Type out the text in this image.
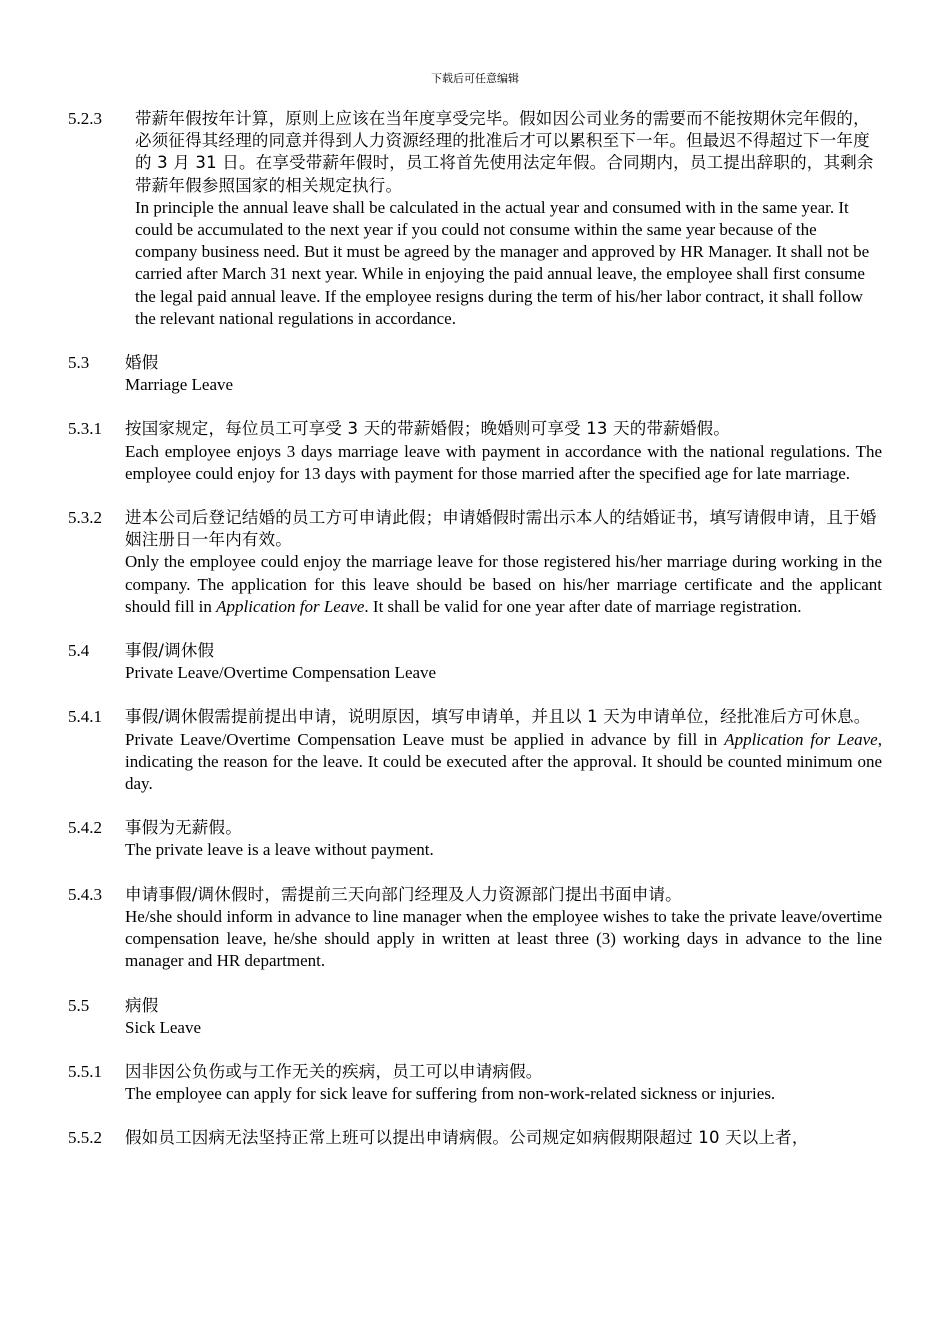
下载后可任意编辑
5.2.3 带薪年假按年计算，原则上应该在当年度享受完毕。假如因公司业务的需要而不能按期休完年假的，必须征得其经理的同意并得到人力资源经理的批准后才可以累积至下一年。但最迟不得超过下一年度的 3 月 31 日。在享受带薪年假时，员工将首先使用法定年假。合同期内，员工提出辞职的，其剩余带薪年假参照国家的相关规定执行。
In principle the annual leave shall be calculated in the actual year and consumed with in the same year. It could be accumulated to the next year if you could not consume within the same year because of the company business need. But it must be agreed by the manager and approved by HR Manager. It shall not be carried after March 31 next year. While in enjoying the paid annual leave, the employee shall first consume the legal paid annual leave. If the employee resigns during the term of his/her labor contract, it shall follow the relevant national regulations in accordance.
5.3 婚假
Marriage Leave
5.3.1 按国家规定，每位员工可享受 3 天的带薪婚假；晚婚则可享受 13 天的带薪婚假。
Each employee enjoys 3 days marriage leave with payment in accordance with the national regulations. The employee could enjoy for 13 days with payment for those married after the specified age for late marriage.
5.3.2 进本公司后登记结婚的员工方可申请此假；申请婚假时需出示本人的结婚证书，填写请假申请，且于婚姻注册日一年内有效。
Only the employee could enjoy the marriage leave for those registered his/her marriage during working in the company. The application for this leave should be based on his/her marriage certificate and the applicant should fill in Application for Leave. It shall be valid for one year after date of marriage registration.
5.4 事假/调休假
Private Leave/Overtime Compensation Leave
5.4.1 事假/调休假需提前提出申请，说明原因，填写申请单，并且以 1 天为申请单位，经批准后方可休息。
Private Leave/Overtime Compensation Leave must be applied in advance by fill in Application for Leave, indicating the reason for the leave. It could be executed after the approval. It should be counted minimum one day.
5.4.2 事假为无薪假。
The private leave is a leave without payment.
5.4.3 申请事假/调休假时，需提前三天向部门经理及人力资源部门提出书面申请。
He/she should inform in advance to line manager when the employee wishes to take the private leave/overtime compensation leave, he/she should apply in written at least three (3) working days in advance to the line manager and HR department.
5.5 病假
Sick Leave
5.5.1 因非因公负伤或与工作无关的疾病，员工可以申请病假。
The employee can apply for sick leave for suffering from non-work-related sickness or injuries.
5.5.2 假如员工因病无法坚持正常上班可以提出申请病假。公司规定如病假期限超过 10 天以上者，
